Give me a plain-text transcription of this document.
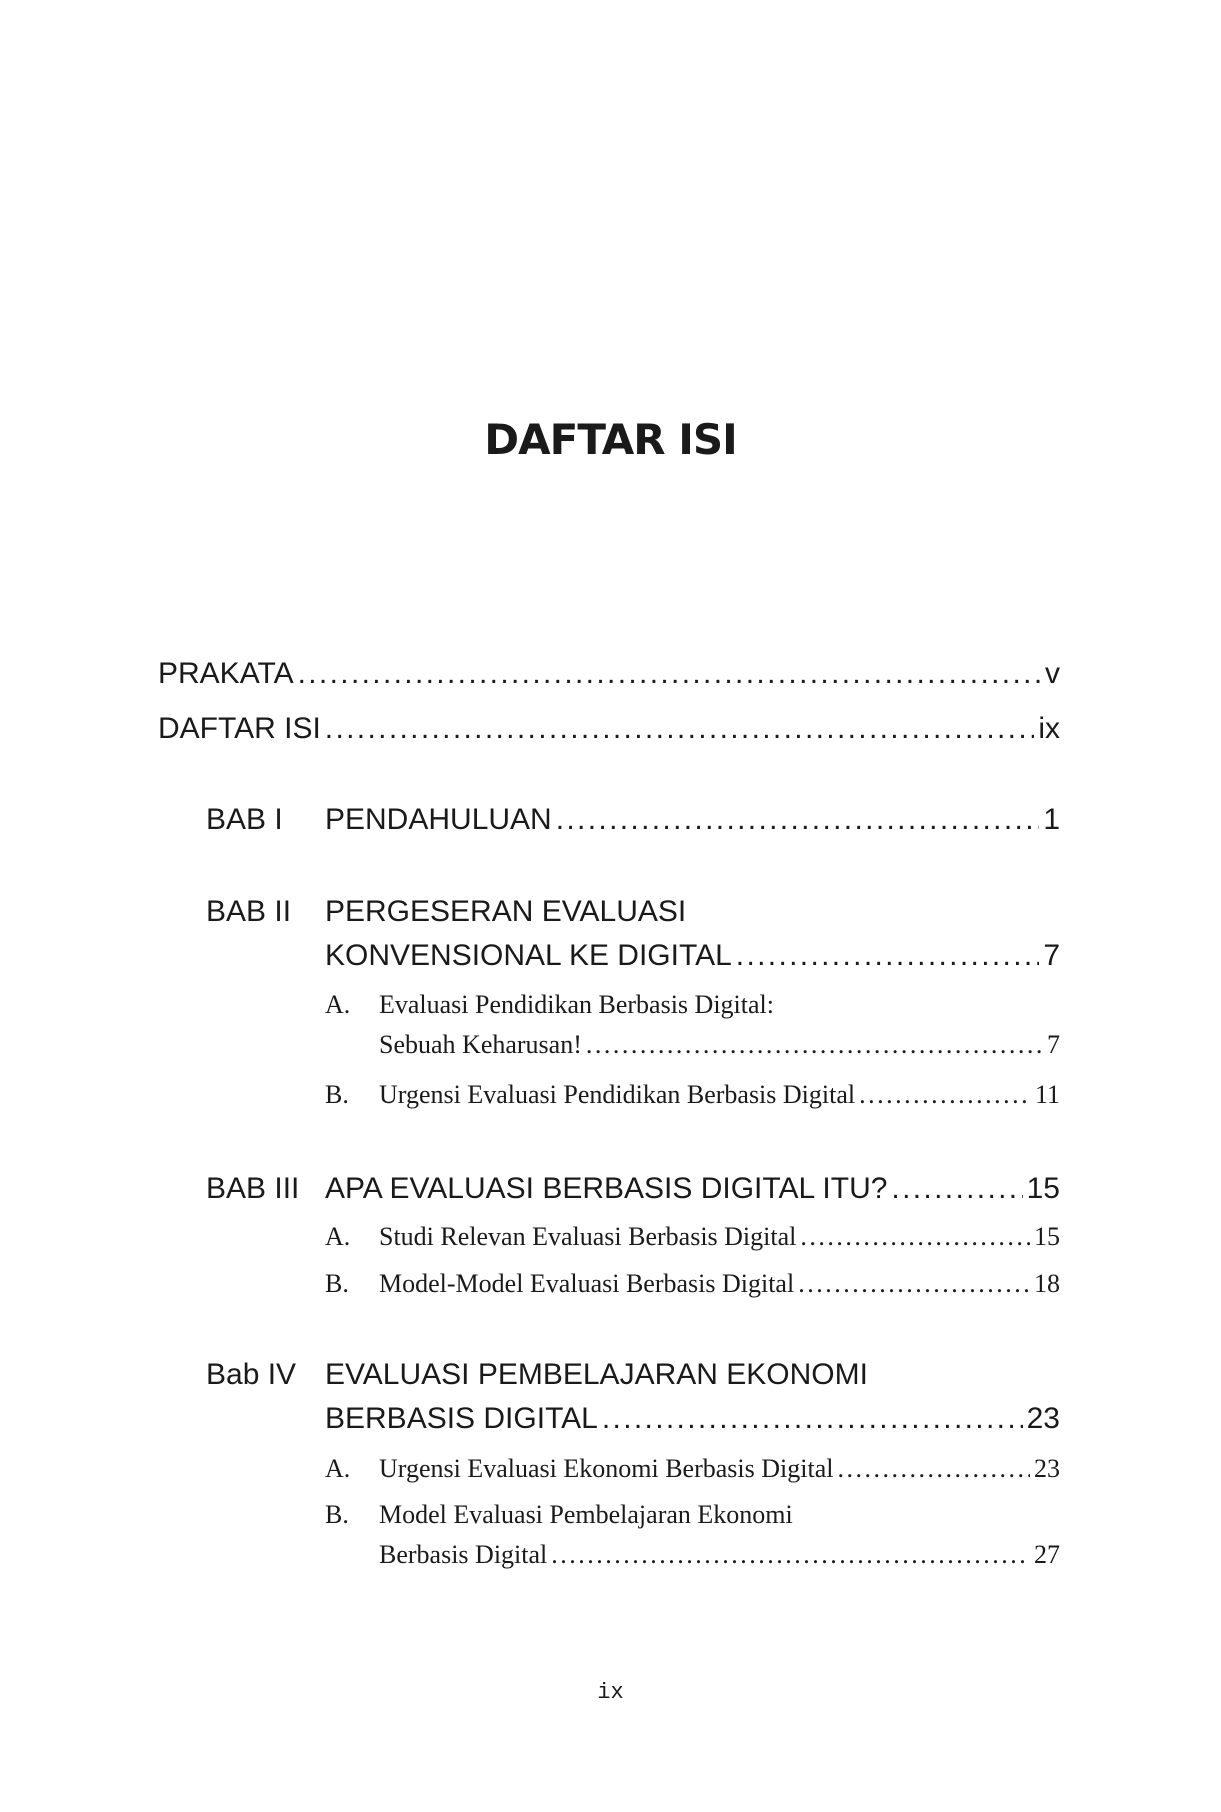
DAFTAR ISI
PRAKATA . . .	v
DAFTAR ISI . . .	ix
BAB I PENDAHULUAN . . .	1
BAB II PERGESERAN EVALUASI
KONVENSIONAL KE DIGITAL . . .	7
A. Evaluasi Pendidikan Berbasis Digital:
Sebuah Keharusan! . . .	7
B. Urgensi Evaluasi Pendidikan Berbasis Digital . . .	11
BAB III APA EVALUASI BERBASIS DIGITAL ITU? . . .	15
A. Studi Relevan Evaluasi Berbasis Digital . . .	15
B. Model-Model Evaluasi Berbasis Digital . . .	18
Bab IV EVALUASI PEMBELAJARAN EKONOMI
BERBASIS DIGITAL . . .	23
A. Urgensi Evaluasi Ekonomi Berbasis Digital . . .	23
B. Model Evaluasi Pembelajaran Ekonomi
Berbasis Digital . . .	27
ix
